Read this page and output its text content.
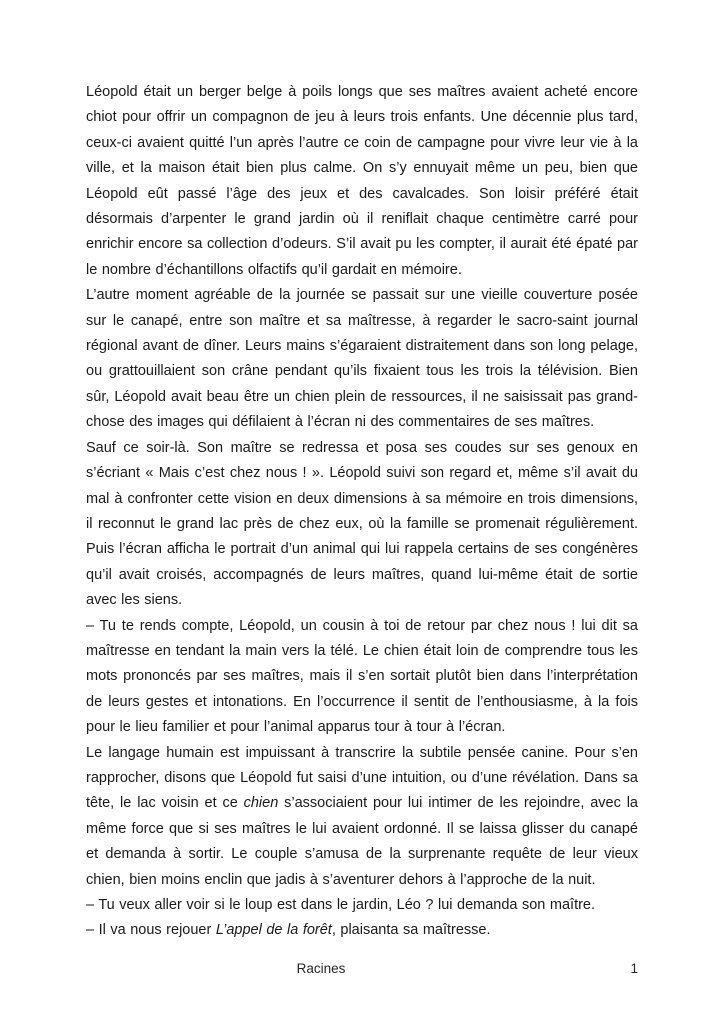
Léopold était un berger belge à poils longs que ses maîtres avaient acheté encore chiot pour offrir un compagnon de jeu à leurs trois enfants. Une décennie plus tard, ceux-ci avaient quitté l’un après l’autre ce coin de campagne pour vivre leur vie à la ville, et la maison était bien plus calme. On s’y ennuyait même un peu, bien que Léopold eût passé l’âge des jeux et des cavalcades. Son loisir préféré était désormais d’arpenter le grand jardin où il reniflait chaque centimètre carré pour enrichir encore sa collection d’odeurs. S’il avait pu les compter, il aurait été épaté par le nombre d’échantillons olfactifs qu’il gardait en mémoire.

L’autre moment agréable de la journée se passait sur une vieille couverture posée sur le canapé, entre son maître et sa maîtresse, à regarder le sacro-saint journal régional avant de dîner. Leurs mains s’égaraient distraitement dans son long pelage, ou grattouillaient son crâne pendant qu’ils fixaient tous les trois la télévision. Bien sûr, Léopold avait beau être un chien plein de ressources, il ne saisissait pas grand-chose des images qui défilaient à l’écran ni des commentaires de ses maîtres.

Sauf ce soir-là. Son maître se redressa et posa ses coudes sur ses genoux en s’écriant « Mais c’est chez nous ! ». Léopold suivi son regard et, même s’il avait du mal à confronter cette vision en deux dimensions à sa mémoire en trois dimensions, il reconnut le grand lac près de chez eux, où la famille se promenait régulièrement. Puis l’écran afficha le portrait d’un animal qui lui rappela certains de ses congénères qu’il avait croisés, accompagnés de leurs maîtres, quand lui-même était de sortie avec les siens.

– Tu te rends compte, Léopold, un cousin à toi de retour par chez nous ! lui dit sa maîtresse en tendant la main vers la télé. Le chien était loin de comprendre tous les mots prononcés par ses maîtres, mais il s’en sortait plutôt bien dans l’interprétation de leurs gestes et intonations. En l’occurrence il sentit de l’enthousiasme, à la fois pour le lieu familier et pour l’animal apparus tour à tour à l’écran.

Le langage humain est impuissant à transcrire la subtile pensée canine. Pour s’en rapprocher, disons que Léopold fut saisi d’une intuition, ou d’une révélation. Dans sa tête, le lac voisin et ce chien s’associaient pour lui intimer de les rejoindre, avec la même force que si ses maîtres le lui avaient ordonné. Il se laissa glisser du canapé et demanda à sortir. Le couple s’amusa de la surprenante requête de leur vieux chien, bien moins enclin que jadis à s’aventurer dehors à l’approche de la nuit.

– Tu veux aller voir si le loup est dans le jardin, Léo ? lui demanda son maître.

– Il va nous rejouer L’appel de la forêt, plaisanta sa maîtresse.

Racines	1
